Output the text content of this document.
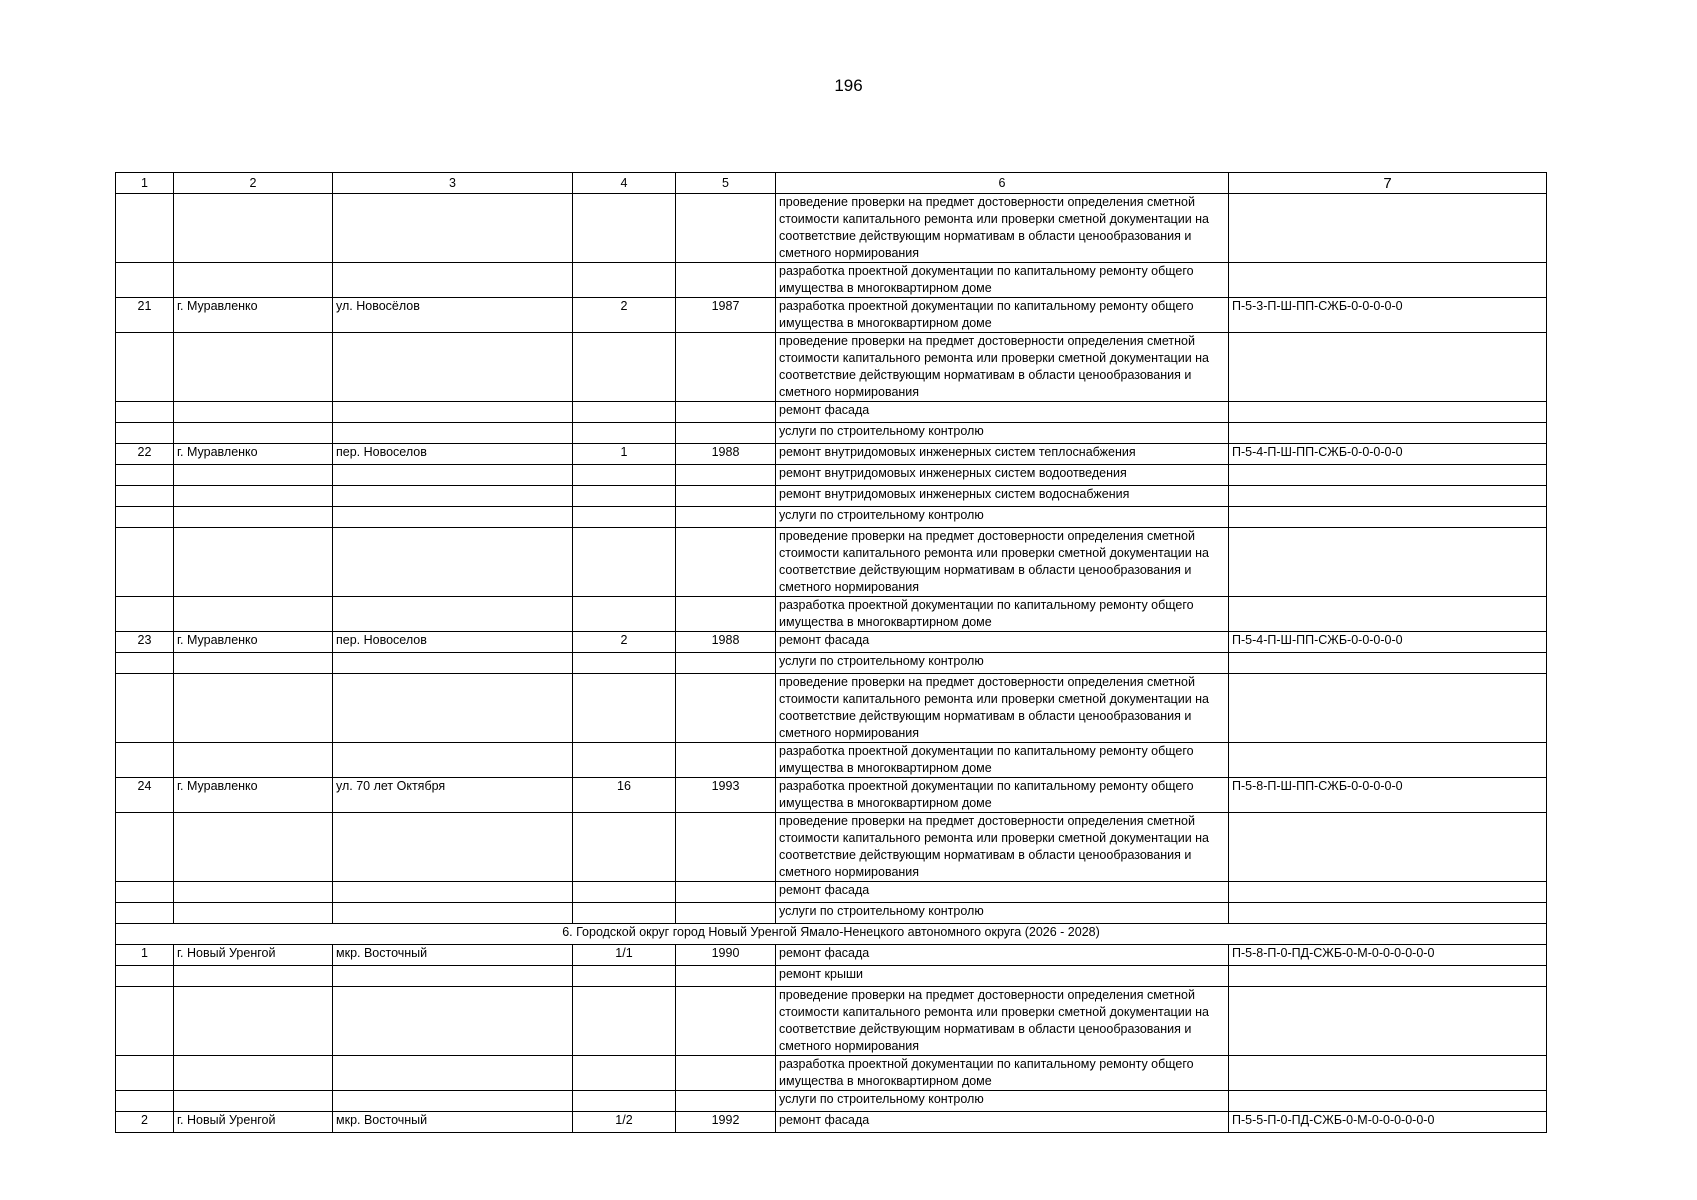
196
1	2	3	4	5	6	7
					проведение проверки на предмет достоверности определения сметной стоимости капитального ремонта или проверки сметной документации на соответствие действующим нормативам в области ценообразования и сметного нормирования	
					разработка проектной документации по капитальному ремонту общего имущества в многоквартирном доме	
21	г. Муравленко	ул. Новосёлов	2	1987	разработка проектной документации по капитальному ремонту общего имущества в многоквартирном доме	П-5-3-П-Ш-ПП-СЖБ-0-0-0-0-0
					проведение проверки на предмет достоверности определения сметной стоимости капитального ремонта или проверки сметной документации на соответствие действующим нормативам в области ценообразования и сметного нормирования	
					ремонт фасада	
					услуги по строительному контролю	
22	г. Муравленко	пер. Новоселов	1	1988	ремонт внутридомовых инженерных систем теплоснабжения	П-5-4-П-Ш-ПП-СЖБ-0-0-0-0-0
					ремонт внутридомовых инженерных систем водоотведения	
					ремонт внутридомовых инженерных систем водоснабжения	
					услуги по строительному контролю	
					проведение проверки на предмет достоверности определения сметной стоимости капитального ремонта или проверки сметной документации на соответствие действующим нормативам в области ценообразования и сметного нормирования	
					разработка проектной документации по капитальному ремонту общего имущества в многоквартирном доме	
23	г. Муравленко	пер. Новоселов	2	1988	ремонт фасада	П-5-4-П-Ш-ПП-СЖБ-0-0-0-0-0
					услуги по строительному контролю	
					проведение проверки на предмет достоверности определения сметной стоимости капитального ремонта или проверки сметной документации на соответствие действующим нормативам в области ценообразования и сметного нормирования	
					разработка проектной документации по капитальному ремонту общего имущества в многоквартирном доме	
24	г. Муравленко	ул. 70 лет Октября	16	1993	разработка проектной документации по капитальному ремонту общего имущества в многоквартирном доме	П-5-8-П-Ш-ПП-СЖБ-0-0-0-0-0
					проведение проверки на предмет достоверности определения сметной стоимости капитального ремонта или проверки сметной документации на соответствие действующим нормативам в области ценообразования и сметного нормирования	
					ремонт фасада	
					услуги по строительному контролю	
6. Городской округ город Новый Уренгой Ямало-Ненецкого автономного округа (2026 - 2028)						
1	г. Новый Уренгой	мкр. Восточный	1/1	1990	ремонт фасада	П-5-8-П-0-ПД-СЖБ-0-М-0-0-0-0-0-0
					ремонт крыши	
					проведение проверки на предмет достоверности определения сметной стоимости капитального ремонта или проверки сметной документации на соответствие действующим нормативам в области ценообразования и сметного нормирования	
					разработка проектной документации по капитальному ремонту общего имущества в многоквартирном доме	
					услуги по строительному контролю	
2	г. Новый Уренгой	мкр. Восточный	1/2	1992	ремонт фасада	П-5-5-П-0-ПД-СЖБ-0-М-0-0-0-0-0-0
